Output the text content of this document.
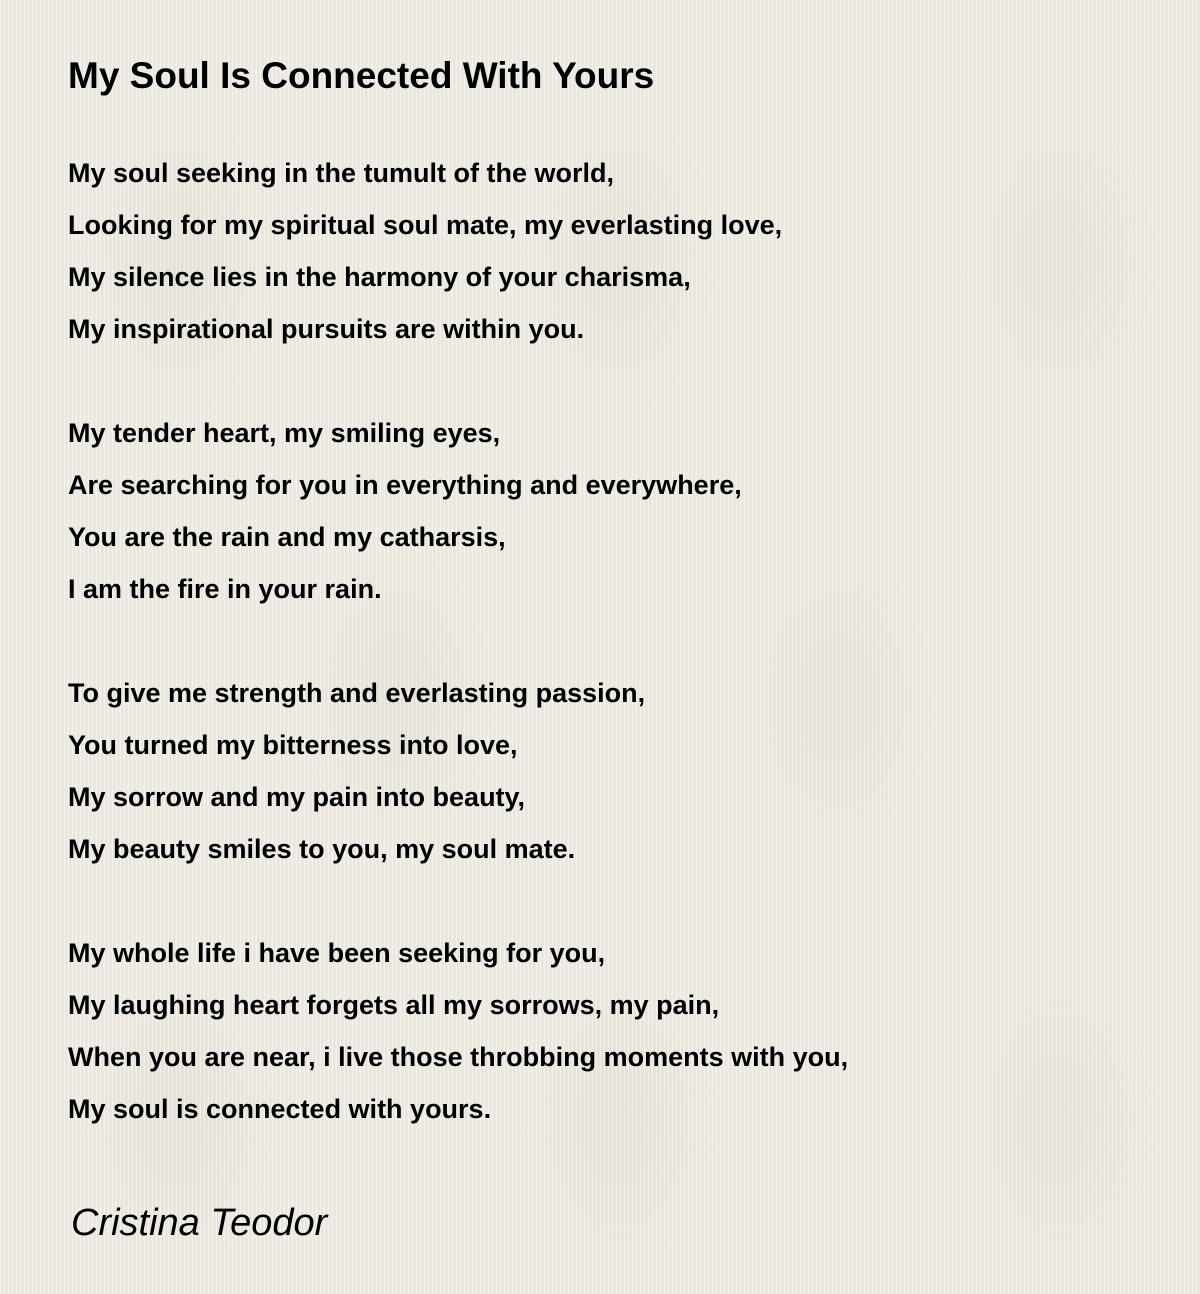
My Soul Is Connected With Yours
My soul seeking in the tumult of the world,
Looking for my spiritual soul mate, my everlasting love,
My silence lies in the harmony of your charisma,
My inspirational pursuits are within you.
My tender heart, my smiling eyes,
Are searching for you in everything and everywhere,
You are the rain and my catharsis,
I am the fire in your rain.
To give me strength and everlasting passion,
You turned my bitterness into love,
My sorrow and my pain into beauty,
My beauty smiles to you, my soul mate.
My whole life i have been seeking for you,
My laughing heart forgets all my sorrows, my pain,
When you are near, i live those throbbing moments with you,
My soul is connected with yours.
Cristina Teodor
